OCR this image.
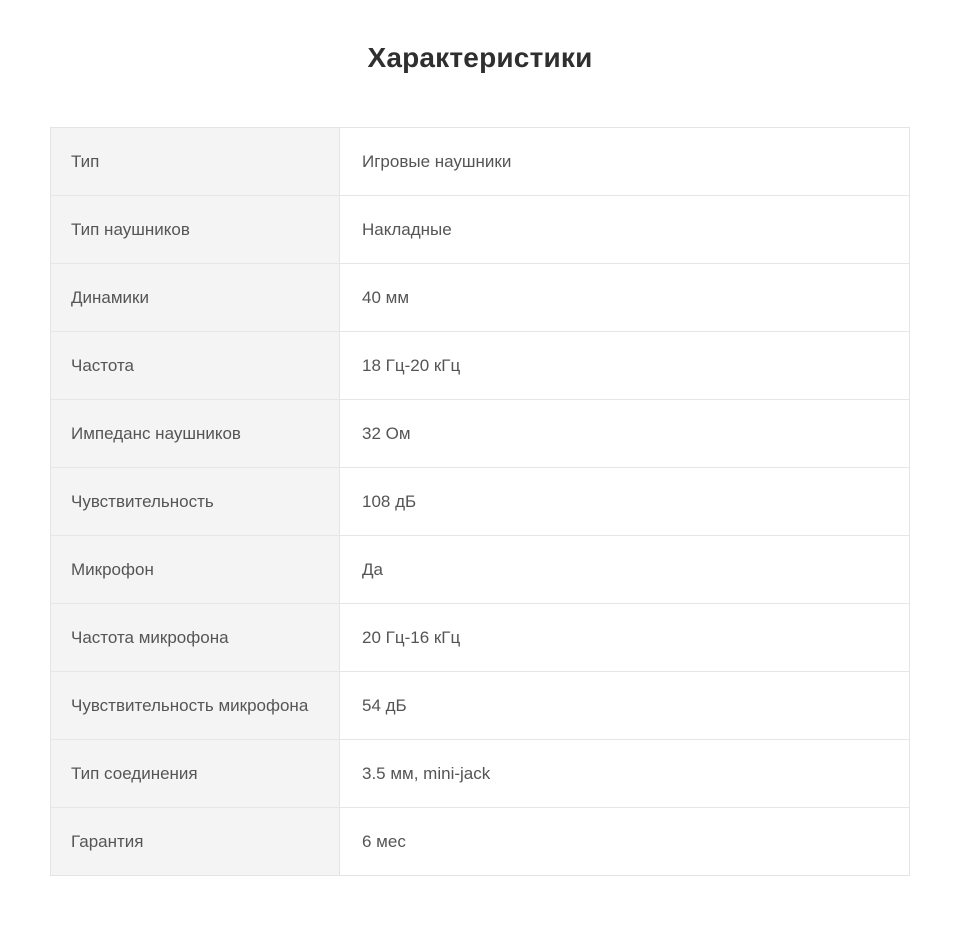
Характеристики
Тип	Игровые наушники
Тип наушников	Накладные
Динамики	40 мм
Частота	18 Гц-20 кГц
Импеданс наушников	32 Ом
Чувствительность	108 дБ
Микрофон	Да
Частота микрофона	20 Гц-16 кГц
Чувствительность микрофона	54 дБ
Тип соединения	3.5 мм, mini-jack
Гарантия	6 мес
